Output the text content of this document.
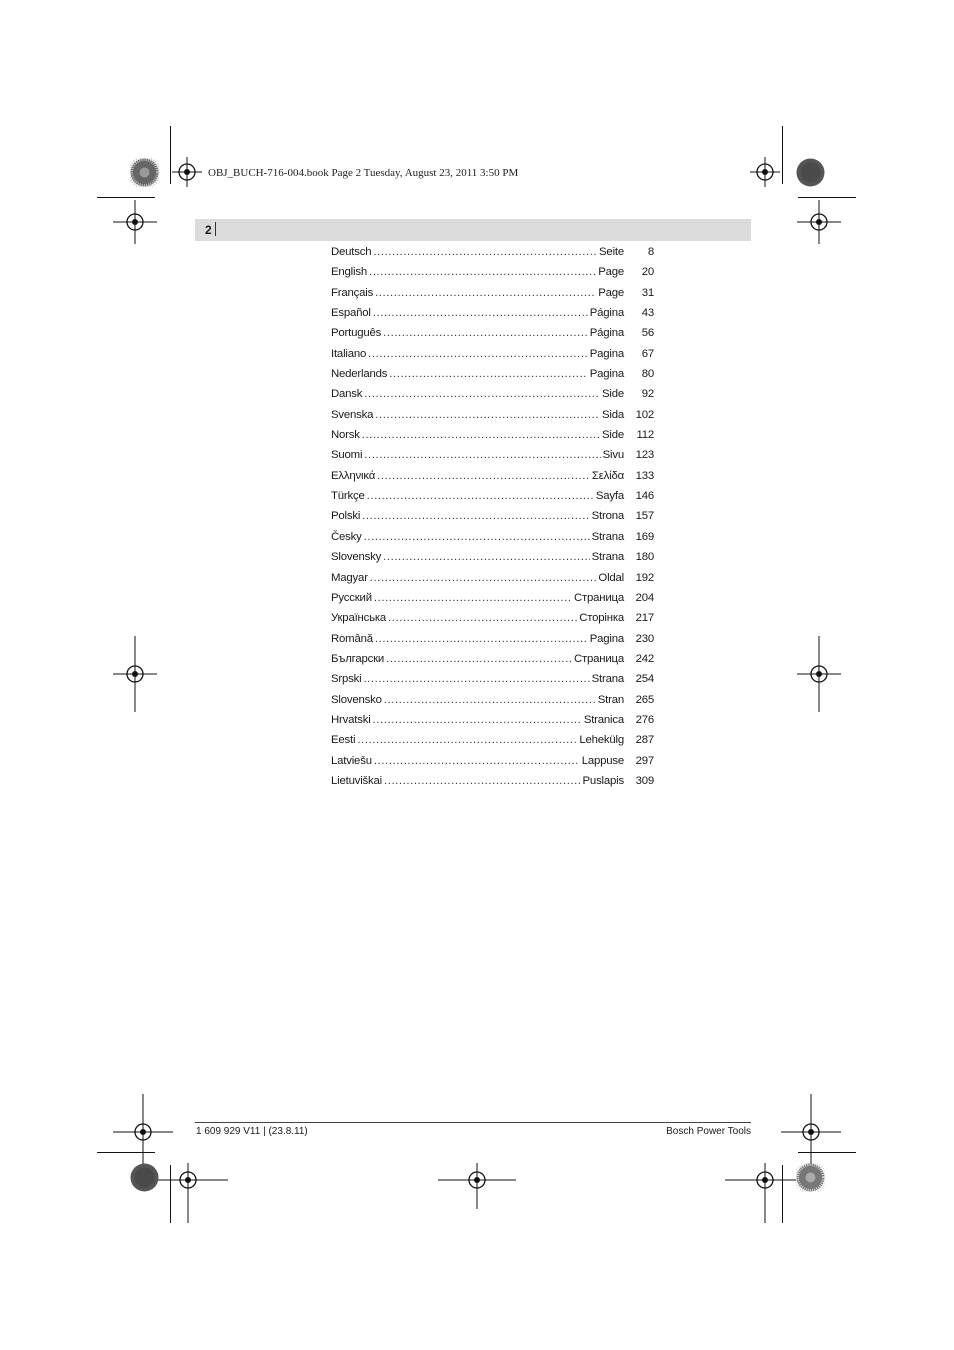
OBJ_BUCH-716-004.book Page 2 Tuesday, August 23, 2011 3:50 PM
2
Deutsch . . .	Seite	8
English . . .	Page	20
Français . . .	Page	31
Español . . .	Página	43
Português . . .	Página	56
Italiano . . .	Pagina	67
Nederlands . . .	Pagina	80
Dansk . . .	Side	92
Svenska . . .	Sida	102
Norsk . . .	Side	112
Suomi . . .	Sivu	123
Ελληνικά . . .	Σελίδα	133
Türkçe . . .	Sayfa	146
Polski . . .	Strona	157
Česky . . .	Strana	169
Slovensky . . .	Strana	180
Magyar . . .	Oldal	192
Русский . . .	Страница	204
Українська . . .	Сторінка	217
Română . . .	Pagina	230
Български . . .	Страница	242
Srpski . . .	Strana	254
Slovensko . . .	Stran	265
Hrvatski . . .	Stranica	276
Eesti . . .	Lehekülg	287
Latviešu . . .	Lappuse	297
Lietuviškai . . .	Puslapis	309
1 609 929 V11 | (23.8.11)	Bosch Power Tools
